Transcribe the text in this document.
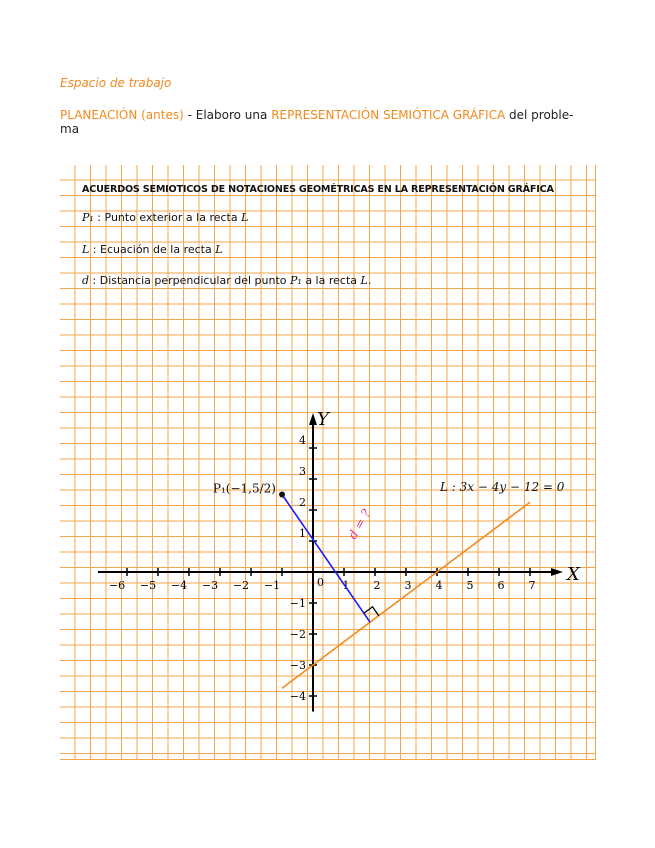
Espacio de trabajo
PLANEACIÓN (antes) - Elaboro una REPRESENTACIÓN SEMIÓTICA GRÁFICA del proble- ma
ACUERDOS SEMIOTICOS DE NOTACIONES GEOMÉTRICAS EN LA REPRESENTACIÓN GRÁFICA
P₁ : Punto exterior a la recta L
L : Ecuación de la recta L
d : Distancia perpendicular del punto P₁ a la recta L.
X
Y
−6 −5 −4 −3 −2 −1	1 2 3 4 5 6 7
−4
−3
−2
−1
1
2
3
4
0
L : 3x − 4y − 12 = 0
P₁(−1,5/2)
d = ?
